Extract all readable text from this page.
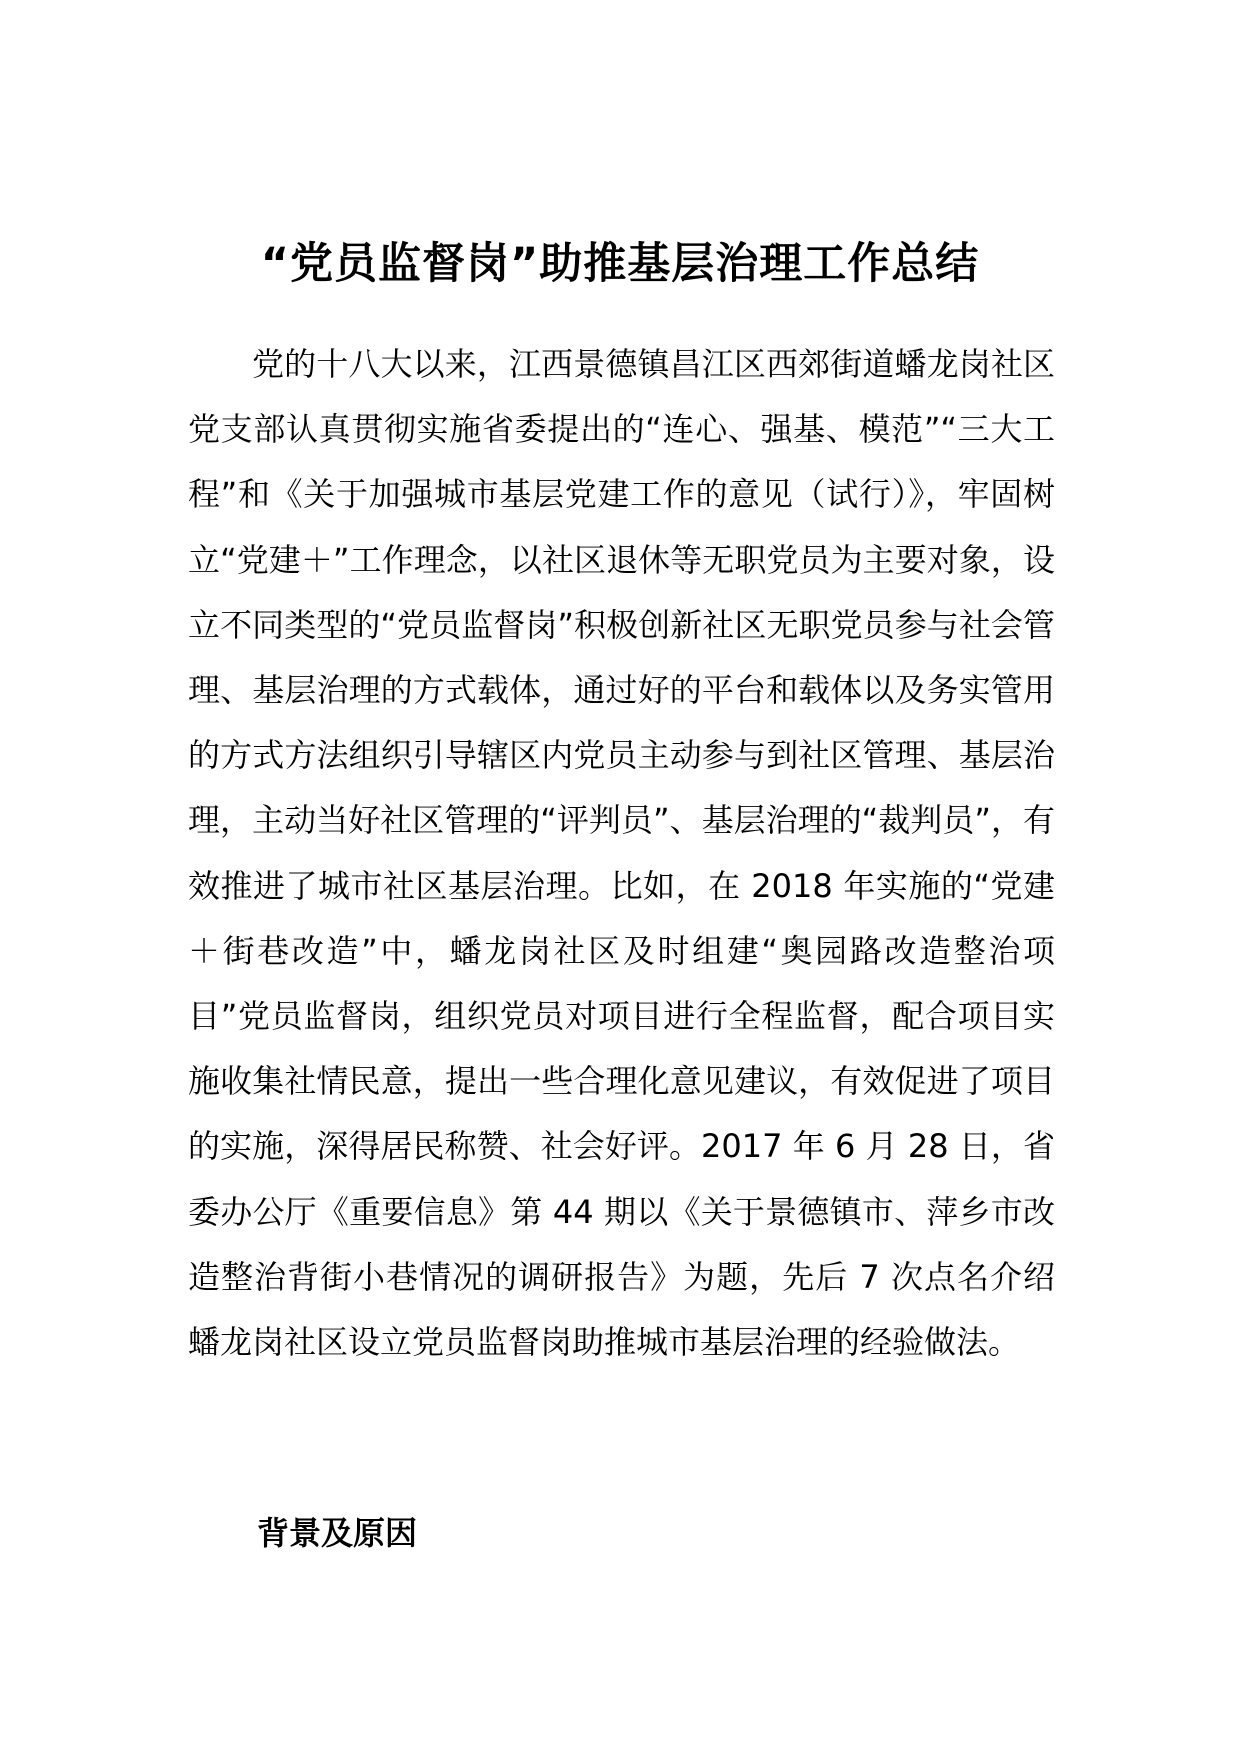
“党员监督岗”助推基层治理工作总结

党的十八大以来，江西景德镇昌江区西郊街道蟠龙岗社区党支部认真贯彻实施省委提出的“连心、强基、模范”“三大工程”和《关于加强城市基层党建工作的意见（试行）》，牢固树立“党建＋”工作理念，以社区退休等无职党员为主要对象，设立不同类型的“党员监督岗”积极创新社区无职党员参与社会管理、基层治理的方式载体，通过好的平台和载体以及务实管用的方式方法组织引导辖区内党员主动参与到社区管理、基层治理，主动当好社区管理的“评判员”、基层治理的“裁判员”，有效推进了城市社区基层治理。比如，在 2018 年实施的“党建＋街巷改造”中，蟠龙岗社区及时组建“奥园路改造整治项目”党员监督岗，组织党员对项目进行全程监督，配合项目实施收集社情民意，提出一些合理化意见建议，有效促进了项目的实施，深得居民称赞、社会好评。2017 年 6 月 28 日，省委办公厅《重要信息》第 44 期以《关于景德镇市、萍乡市改造整治背街小巷情况的调研报告》为题，先后 7 次点名介绍蟠龙岗社区设立党员监督岗助推城市基层治理的经验做法。

背景及原因
